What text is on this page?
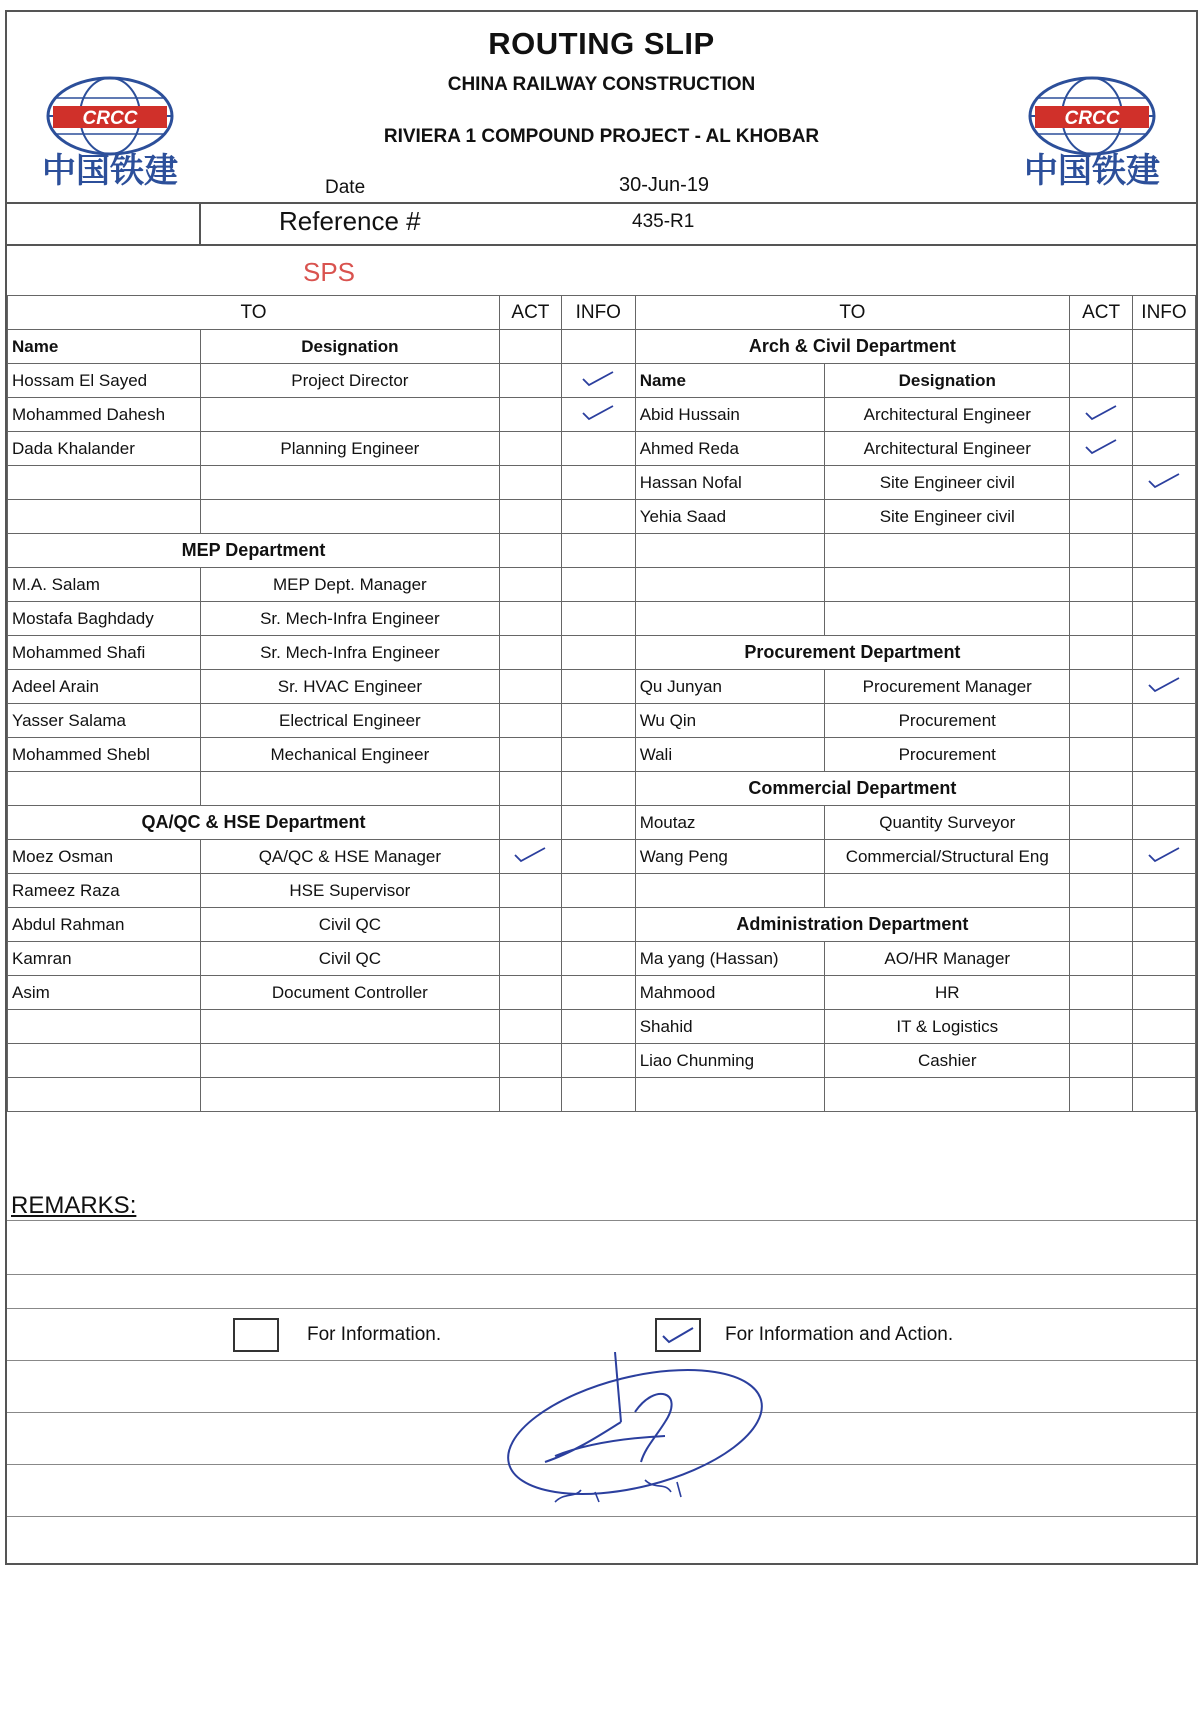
CRCC
中国铁建
ROUTING SLIP
CHINA RAILWAY CONSTRUCTION
RIVIERA 1 COMPOUND PROJECT - AL KHOBAR
Date	30-Jun-19
CRCC
中国铁建
Reference #	435-R1
SPS
TO		ACT	INFO	TO		ACT	INFO
Name	Designation			Arch & Civil Department			
Hossam El Sayed	Project Director			Name	Designation		
Mohammed Dahesh				Abid Hussain	Architectural Engineer		
Dada Khalander	Planning Engineer			Ahmed Reda	Architectural Engineer		
				Hassan Nofal	Site Engineer civil		
				Yehia Saad	Site Engineer civil		
MEP Department							
M.A. Salam	MEP Dept. Manager						
Mostafa Baghdady	Sr. Mech-Infra Engineer						
Mohammed Shafi	Sr. Mech-Infra Engineer			Procurement Department			
Adeel Arain	Sr. HVAC Engineer			Qu Junyan	Procurement Manager		
Yasser Salama	Electrical Engineer			Wu Qin	Procurement		
Mohammed Shebl	Mechanical Engineer			Wali	Procurement		
				Commercial Department			
QA/QC & HSE Department				Moutaz	Quantity Surveyor		
Moez Osman	QA/QC & HSE Manager			Wang Peng	Commercial/Structural Eng		
Rameez Raza	HSE Supervisor						
Abdul Rahman	Civil QC			Administration Department			
Kamran	Civil QC			Ma yang (Hassan)	AO/HR Manager		
Asim	Document Controller			Mahmood	HR		
				Shahid	IT & Logistics		
				Liao Chunming	Cashier		

REMARKS:
For Information.	For Information and Action.
